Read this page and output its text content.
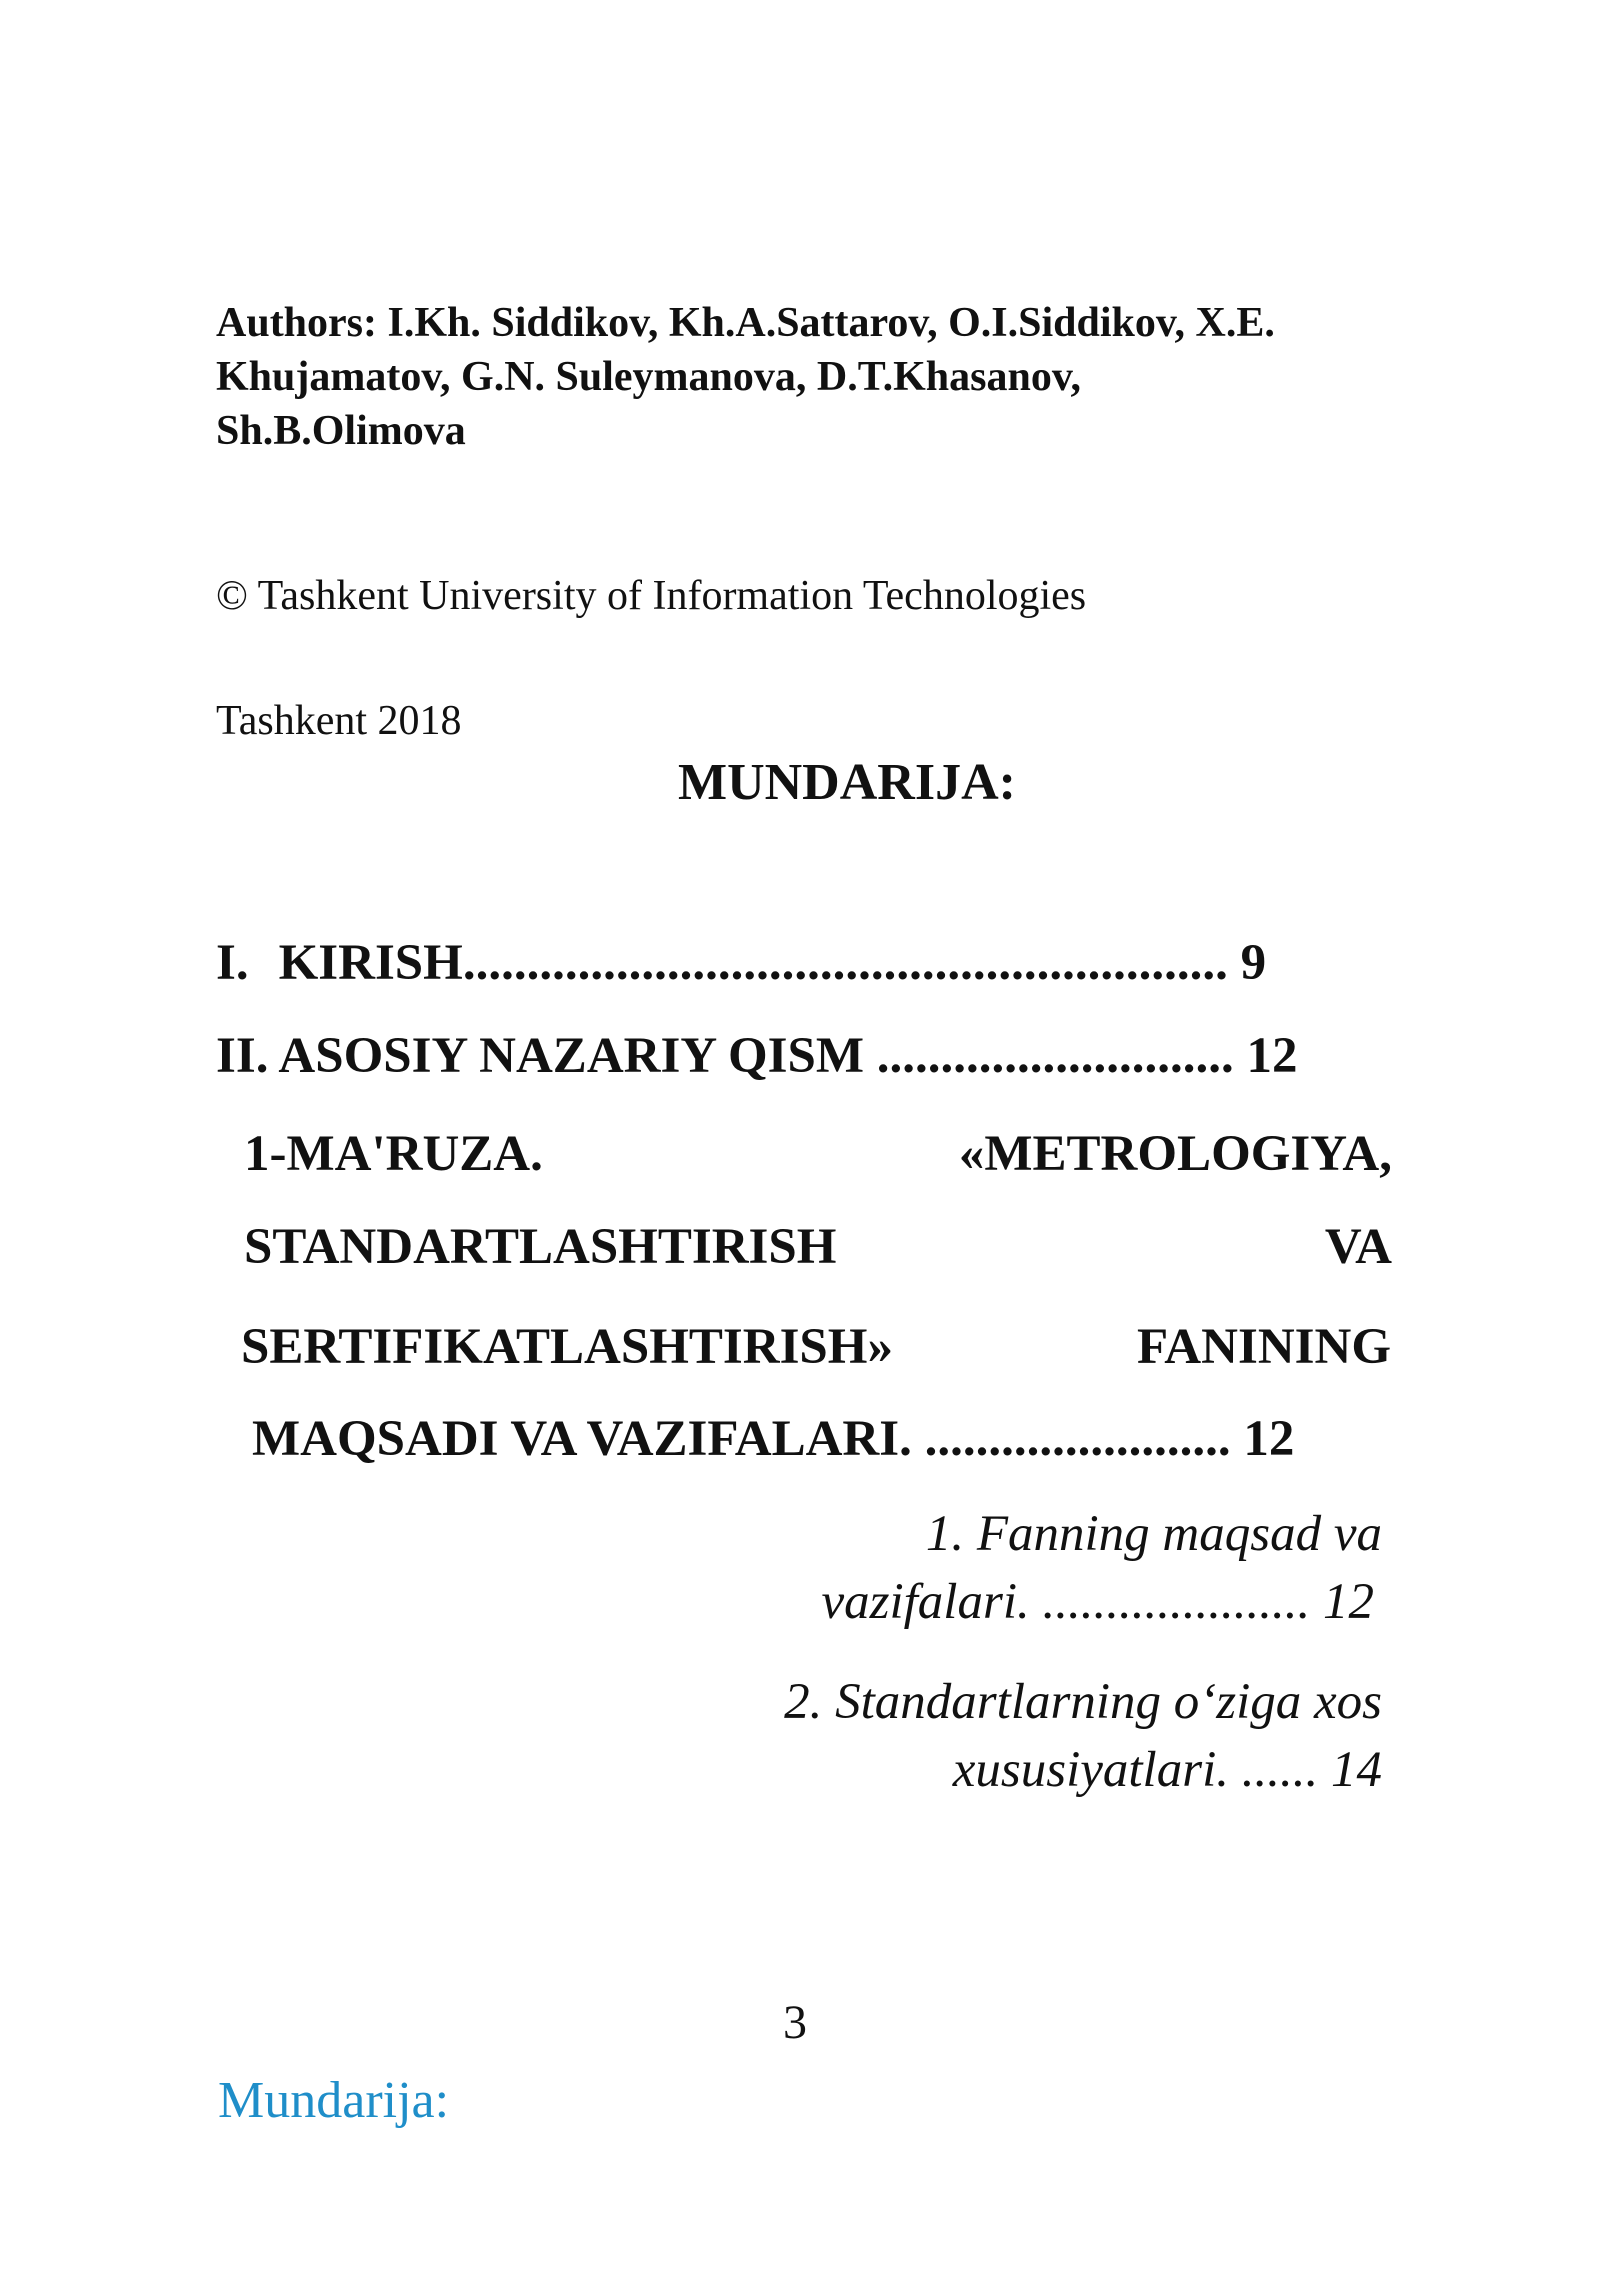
Authors: I.Kh. Siddikov, Kh.A.Sattarov, O.I.Siddikov, X.E.
Khujamatov, G.N. Suleymanova, D.T.Khasanov,
Sh.B.Olimova
© Tashkent University of Information Technologies
Tashkent 2018
MUNDARIJA:
I. KIRISH............................................................ 9
II. ASOSIY NAZARIY QISM ............................ 12
1-MA'RUZA.	«METROLOGIYA,
STANDARTLASHTIRISH	VA
SERTIFIKATLASHTIRISH»	FANINING
MAQSADI VA VAZIFALARI. ........................ 12
1. Fanning maqsad va
vazifalari. ..................... 12
2. Standartlarning o‘ziga xos
xususiyatlari. ...... 14
3
Mundarija:
